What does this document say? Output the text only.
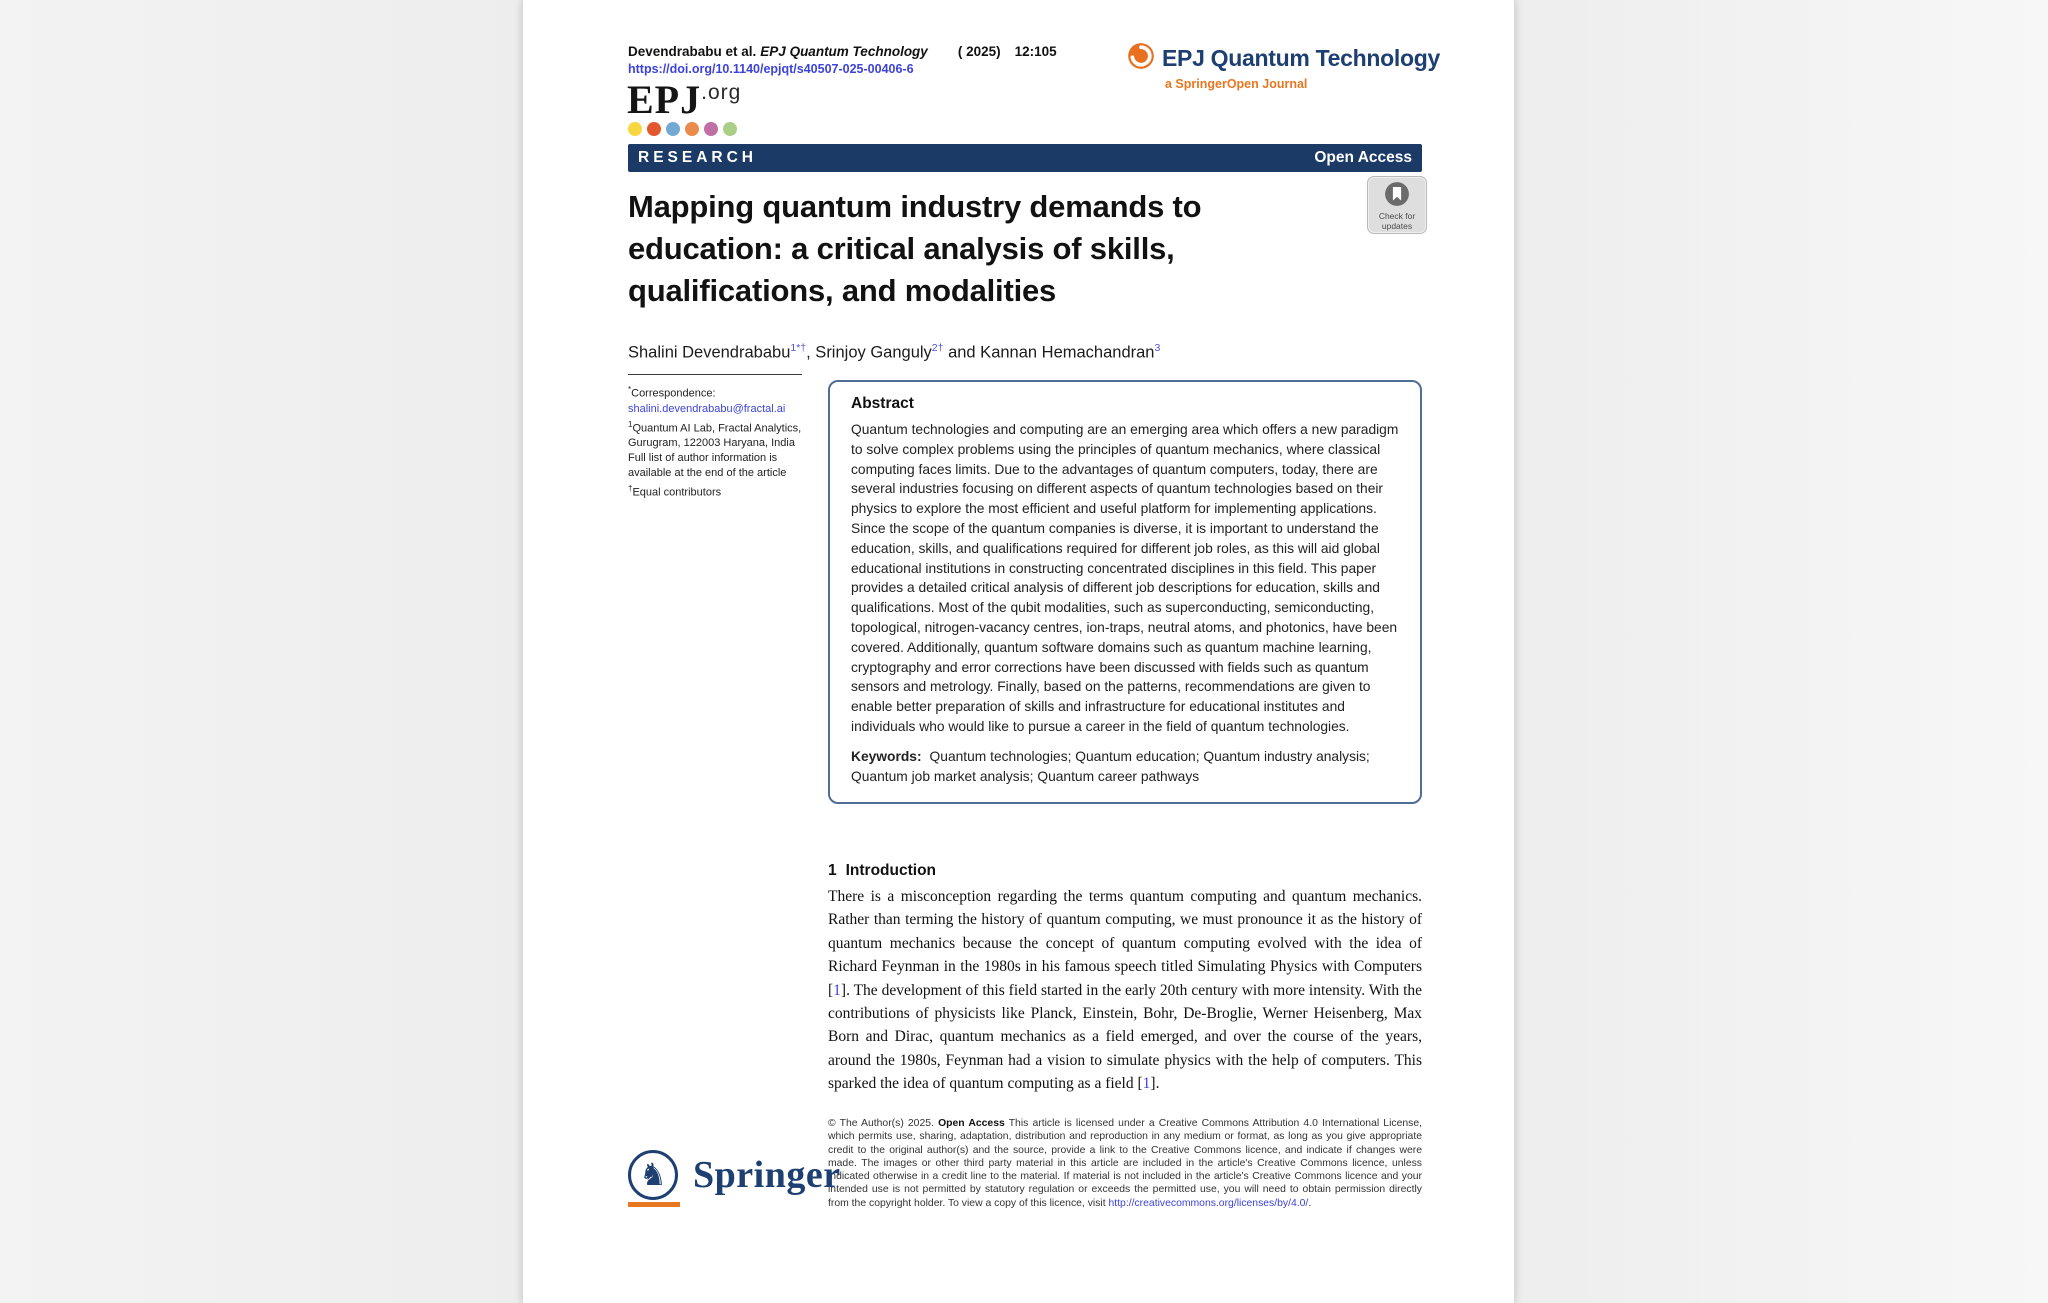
Devendrababu et al. EPJ Quantum Technology ( 2025) 12:105
https://doi.org/10.1140/epjqt/s40507-025-00406-6
EPJ.org
EPJ Quantum Technology
a SpringerOpen Journal
RESEARCH	Open Access
Check for
updates
Mapping quantum industry demands to
education: a critical analysis of skills,
qualifications, and modalities
Shalini Devendrababu$^{1*\dagger}$, Srinjoy Ganguly$^{2\dagger}$ and Kannan Hemachandran$^3$

*Correspondence:

shalini.devendrababu@fractal.ai

$^1$Quantum AI Lab, Fractal Analytics, Gurugram, 122003 Haryana, India

Full list of author information is available at the end of the article

†Equal contributors

Abstract
Quantum technologies and computing are an emerging area which offers a new paradigm to solve complex problems using the principles of quantum mechanics, where classical computing faces limits. Due to the advantages of quantum computers, today, there are several industries focusing on different aspects of quantum technologies based on their physics to explore the most efficient and useful platform for implementing applications. Since the scope of the quantum companies is diverse, it is important to understand the education, skills, and qualifications required for different job roles, as this will aid global educational institutions in constructing concentrated disciplines in this field. This paper provides a detailed critical analysis of different job descriptions for education, skills and qualifications. Most of the qubit modalities, such as superconducting, semiconducting, topological, nitrogen-vacancy centres, ion-traps, neutral atoms, and photonics, have been covered. Additionally, quantum software domains such as quantum machine learning, cryptography and error corrections have been discussed with fields such as quantum sensors and metrology. Finally, based on the patterns, recommendations are given to enable better preparation of skills and infrastructure for educational institutes and individuals who would like to pursue a career in the field of quantum technologies.
Keywords: Quantum technologies; Quantum education; Quantum industry analysis; Quantum job market analysis; Quantum career pathways
1 Introduction
There is a misconception regarding the terms quantum computing and quantum mechanics. Rather than terming the history of quantum computing, we must pronounce it as the history of quantum mechanics because the concept of quantum computing evolved with the idea of Richard Feynman in the 1980s in his famous speech titled Simulating Physics with Computers [1]. The development of this field started in the early 20th century with more intensity. With the contributions of physicists like Planck, Einstein, Bohr, De-Broglie, Werner Heisenberg, Max Born and Dirac, quantum mechanics as a field emerged, and over the course of the years, around the 1980s, Feynman had a vision to simulate physics with the help of computers. This sparked the idea of quantum computing as a field [1].
© The Author(s) 2025. Open Access This article is licensed under a Creative Commons Attribution 4.0 International License, which permits use, sharing, adaptation, distribution and reproduction in any medium or format, as long as you give appropriate credit to the original author(s) and the source, provide a link to the Creative Commons licence, and indicate if changes were made. The images or other third party material in this article are included in the article's Creative Commons licence, unless indicated otherwise in a credit line to the material. If material is not included in the article's Creative Commons licence and your intended use is not permitted by statutory regulation or exceeds the permitted use, you will need to obtain permission directly from the copyright holder. To view a copy of this licence, visit http://creativecommons.org/licenses/by/4.0/.
♞ Springer
